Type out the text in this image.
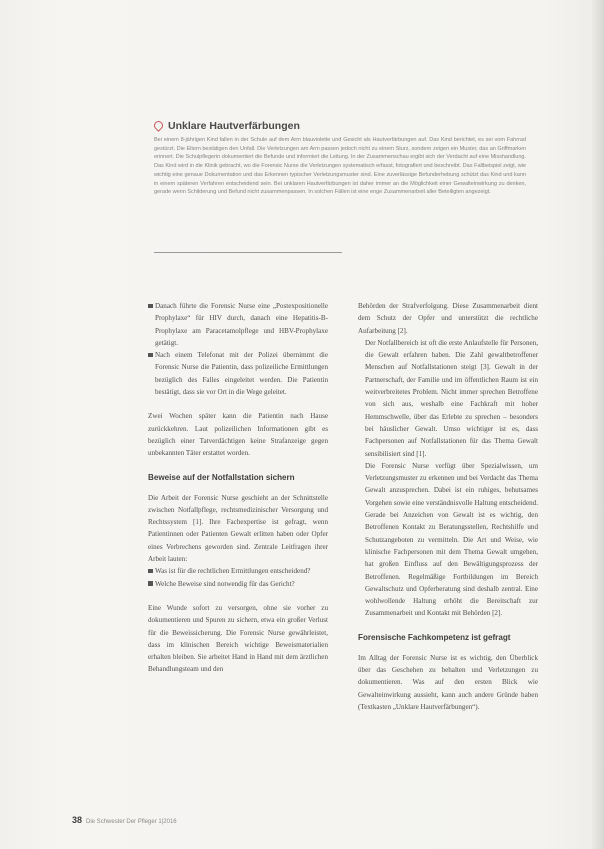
Unklare Hautverfärbungen
Bei einem 8-jährigen Kind fallen in der Schule auf dem Arm blauviolette und Gesicht als Hautverfärbungen auf. Das Kind berichtet, es sei vom Fahrrad gestürzt. Die Eltern bestätigen den Unfall. Die Verletzungen am Arm passen jedoch nicht zu einem Sturz, sondern zeigen ein Muster, das an Griffmarken erinnert. Die Schulpflegerin dokumentiert die Befunde und informiert die Leitung. In der Zusammenschau ergibt sich der Verdacht auf eine Misshandlung. Das Kind wird in die Klinik gebracht, wo die Forensic Nurse die Verletzungen systematisch erfasst, fotografiert und beschreibt. Das Fallbeispiel zeigt, wie wichtig eine genaue Dokumentation und das Erkennen typischer Verletzungsmuster sind. Eine zuverlässige Befunderhebung schützt das Kind und kann in einem späteren Verfahren entscheidend sein. Bei unklaren Hautverfärbungen ist daher immer an die Möglichkeit einer Gewalteinwirkung zu denken, gerade wenn Schilderung und Befund nicht zusammenpassen. In solchen Fällen ist eine enge Zusammenarbeit aller Beteiligten angezeigt.

Danach führte die Forensic Nurse eine „Postexpositionelle Prophylaxe“ für HIV durch, danach eine Hepatitis-B-Prophylaxe am Paracetamolpflege und HBV-Prophylaxe getätigt.

Nach einem Telefonat mit der Polizei übernimmt die Forensic Nurse die Patientin, dass polizeiliche Ermittlungen bezüglich des Falles eingeleitet werden. Die Patientin bestätigt, dass sie vor Ort in die Wege geleitet.

Zwei Wochen später kann die Patientin nach Hause zurückkehren. Laut polizeilichen Informationen gibt es bezüglich einer Tatverdächtigen keine Strafanzeige gegen unbekannten Täter erstattet worden.

Beweise auf der Notfallstation sichern

Die Arbeit der Forensic Nurse geschieht an der Schnittstelle zwischen Notfallpflege, rechtsmedizinischer Versorgung und Rechtssystem [1]. Ihre Fachexpertise ist gefragt, wenn Patientinnen oder Patienten Gewalt erlitten haben oder Opfer eines Verbrechens geworden sind. Zentrale Leitfragen ihrer Arbeit lauten:

Was ist für die rechtlichen Ermittlungen entscheidend?

Welche Beweise sind notwendig für das Gericht?

Eine Wunde sofort zu versorgen, ohne sie vorher zu dokumentieren und Spuren zu sichern, etwa ein großer Verlust für die Beweissicherung. Die Forensic Nurse gewährleistet, dass im klinischen Bereich wichtige Beweismaterialien erhalten bleiben. Sie arbeitet Hand in Hand mit dem ärztlichen Behandlungsteam und den

Behörden der Strafverfolgung. Diese Zusammenarbeit dient dem Schutz der Opfer und unterstützt die rechtliche Aufarbeitung [2].

Der Notfallbereich ist oft die erste Anlaufstelle für Personen, die Gewalt erfahren haben. Die Zahl gewaltbetroffener Menschen auf Notfallstationen steigt [3]. Gewalt in der Partnerschaft, der Familie und im öffentlichen Raum ist ein weitverbreitetes Problem. Nicht immer sprechen Betroffene von sich aus, weshalb eine Fachkraft mit hoher Hemmschwelle, über das Erlebte zu sprechen – besonders bei häuslicher Gewalt. Umso wichtiger ist es, dass Fachpersonen auf Notfallstationen für das Thema Gewalt sensibilisiert sind [1].

Die Forensic Nurse verfügt über Spezialwissen, um Verletzungsmuster zu erkennen und bei Verdacht das Thema Gewalt anzusprechen. Dabei ist ein ruhiges, behutsames Vorgehen sowie eine verständnisvolle Haltung entscheidend. Gerade bei Anzeichen von Gewalt ist es wichtig, den Betroffenen Kontakt zu Beratungsstellen, Rechtshilfe und Schutzangeboten zu vermitteln. Die Art und Weise, wie klinische Fachpersonen mit dem Thema Gewalt umgehen, hat großen Einfluss auf den Bewältigungsprozess der Betroffenen. Regelmäßige Fortbildungen im Bereich Gewaltschutz und Opferberatung sind deshalb zentral. Eine wohlwollende Haltung erhöht die Bereitschaft zur Zusammenarbeit und Kontakt mit Behörden [2].

Forensische Fachkompetenz ist gefragt

Im Alltag der Forensic Nurse ist es wichtig, den Überblick über das Geschehen zu behalten und Verletzungen zu dokumentieren. Was auf den ersten Blick wie Gewalteinwirkung aussieht, kann auch andere Gründe haben (Textkasten „Unklare Hautverfärbungen“).

38 Die Schwester Der Pfleger 1|2016
